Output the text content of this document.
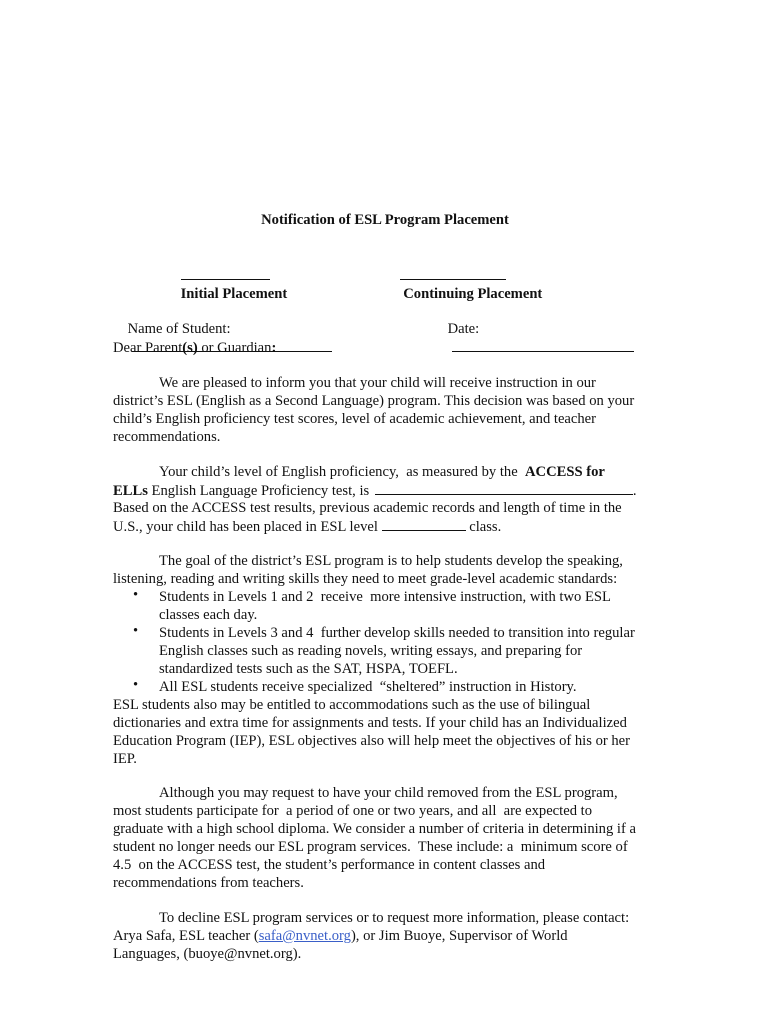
Notification of ESL Program Placement

Initial Placement

	Continuing Placement

Name of Student:

	Date:

Dear Parent(s) or Guardian:
We are pleased to inform you that your child will receive instruction in our
district’s ESL (English as a Second Language) program. This decision was based on your
child’s English proficiency test scores, level of academic achievement, and teacher
recommendations.
Your child’s level of English proficiency,  as measured by the  ACCESS for
ELLs English Language Proficiency test, is	.
Based on the ACCESS test results, previous academic records and length of time in the
U.S., your child has been placed in ESL level	class.
The goal of the district’s ESL program is to help students develop the speaking,
listening, reading and writing skills they need to meet grade-level academic standards:
• Students in Levels 1 and 2  receive  more intensive instruction, with two ESL
classes each day.
• Students in Levels 3 and 4  further develop skills needed to transition into regular
English classes such as reading novels, writing essays, and preparing for
standardized tests such as the SAT, HSPA, TOEFL.
• All ESL students receive specialized  “sheltered” instruction in History.
ESL students also may be entitled to accommodations such as the use of bilingual
dictionaries and extra time for assignments and tests. If your child has an Individualized
Education Program (IEP), ESL objectives also will help meet the objectives of his or her
IEP.
Although you may request to have your child removed from the ESL program,
most students participate for  a period of one or two years, and all  are expected to
graduate with a high school diploma. We consider a number of criteria in determining if a
student no longer needs our ESL program services.  These include: a  minimum score of
4.5  on the ACCESS test, the student’s performance in content classes and
recommendations from teachers.
To decline ESL program services or to request more information, please contact:
Arya Safa, ESL teacher (safa@nvnet.org), or Jim Buoye, Supervisor of World
Languages, (buoye@nvnet.org).
